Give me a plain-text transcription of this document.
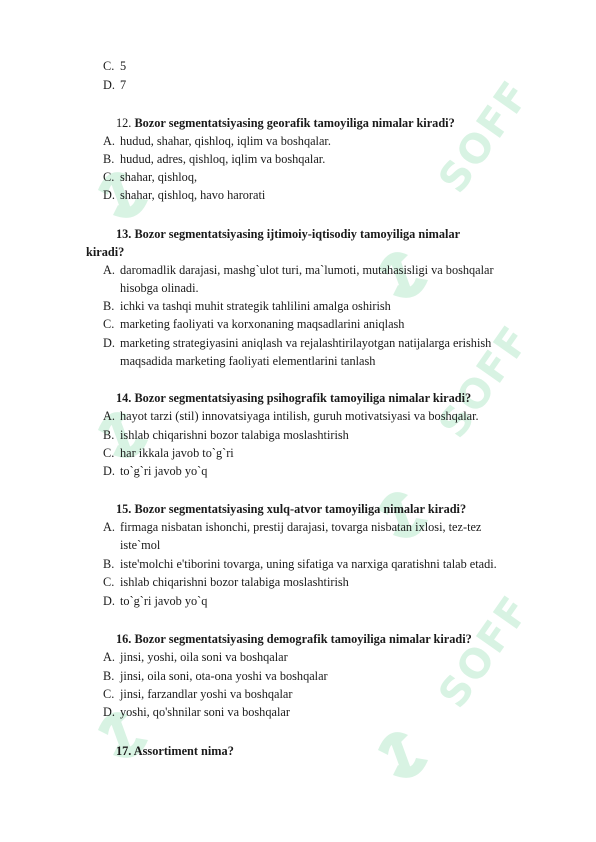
SOFF
SOFF
SOFF
C. 5
D. 7
12. Bozor segmentatsiyasing georafik tamoyiligа nimalar kiradi?
A. hudud, shahar, qishloq, iqlim va boshqalar.
B. hudud, adres, qishloq, iqlim va boshqalar.
C. shahar, qishloq,
D. shahar, qishloq, havo harorati
13. Bozor segmentatsiyasing ijtimoiy-iqtisodiy tamoyiligа nimalar
kiradi?
A. daromadlik darajasi, mashg`ulot turi, ma`lumoti, mutahasisligi va boshqalar
hisobga olinadi.
B. ichki va tashqi muhit strategik tahlilini amalga oshirish
C. marketing faoliyati va korxonaning maqsadlarini aniqlash
D. marketing strategiyasini aniqlash va rejalashtirilayotgan natijalarga erishish
maqsadida marketing faoliyati elementlarini tanlash
14. Bozor segmentatsiyasing psihografik tamoyiligа nimalar kiradi?
A. hayot tarzi (stil) innovatsiyaga intilish, guruh motivatsiyasi va boshqalar.
B. ishlab chiqarishni bozor talabiga moslashtirish
C. har ikkala javob to`g`ri
D. to`g`ri javob yo`q
15. Bozor segmentatsiyasing xulq-atvor tamoyiligа nimalar kiradi?
A. firmaga nisbatan ishonchi, prestij darajasi, tovarga nisbatan ixlosi, tez-tez
iste`mol
B. iste'molchi e'tiborini tovarga, uning sifatiga va narxiga qaratishni talab etadi.
C. ishlab chiqarishni bozor talabiga moslashtirish
D. to`g`ri javob yo`q
16. Bozor segmentatsiyasing demografik tamoyiligа nimalar kiradi?
A. jinsi, yoshi, oila soni va boshqalar
B. jinsi, oila soni, ota-ona yoshi va boshqalar
C. jinsi, farzandlar yoshi va boshqalar
D. yoshi, qo'shnilar soni va boshqalar
17. Assortiment nima?
